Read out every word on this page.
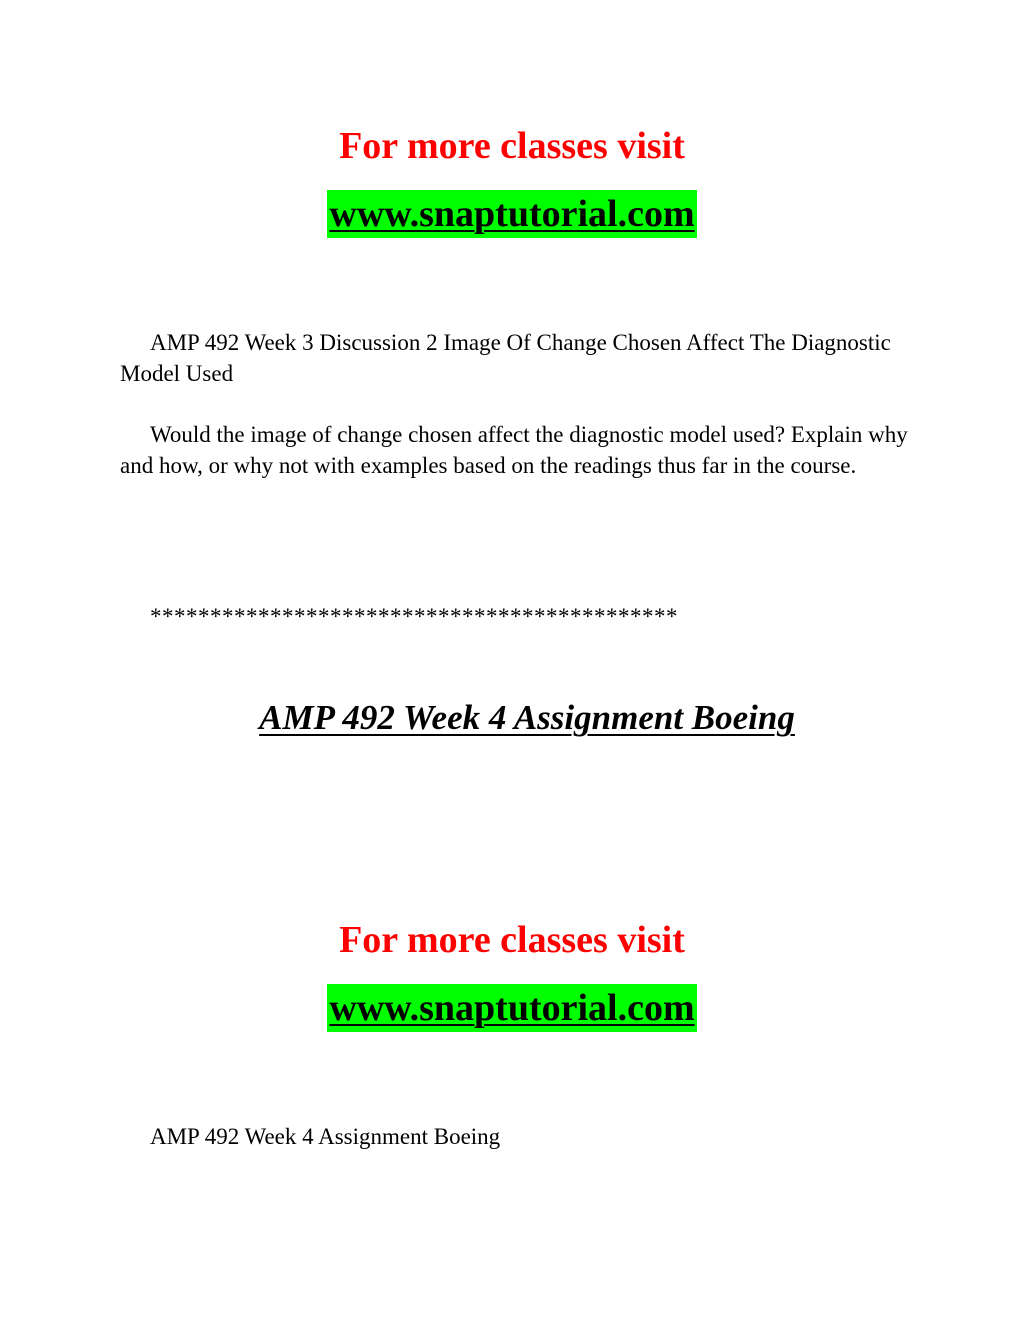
For more classes visit
www.snaptutorial.com

AMP 492 Week 3 Discussion 2 Image Of Change Chosen Affect The Diagnostic Model Used

Would the image of change chosen affect the diagnostic model used? Explain why and how, or why not with examples based on the readings thus far in the course.

********************************************

AMP 492 Week 4 Assignment Boeing
For more classes visit
www.snaptutorial.com

AMP 492 Week 4 Assignment Boeing
